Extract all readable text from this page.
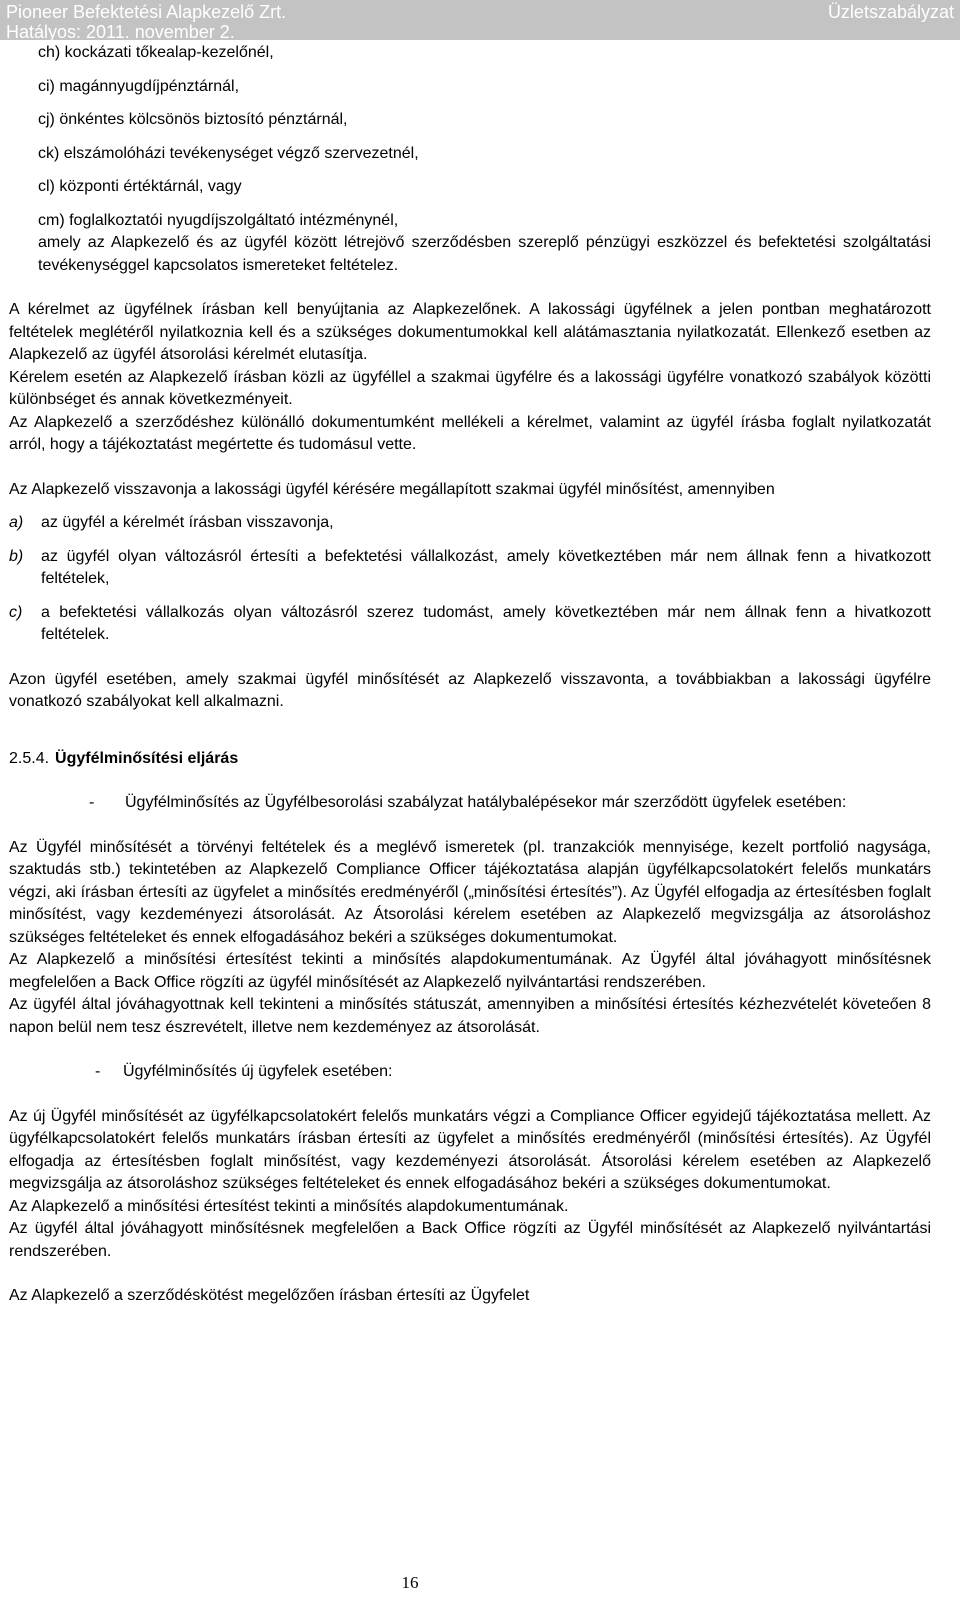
Pioneer Befektetési Alapkezelő Zrt.
Hatályos: 2011. november 2.
Üzletszabályzat
ch) kockázati tőkealap-kezelőnél,
ci) magánnyugdíjpénztárnál,
cj) önkéntes kölcsönös biztosító pénztárnál,
ck) elszámolóházi tevékenységet végző szervezetnél,
cl) központi értéktárnál, vagy
cm) foglalkoztatói nyugdíjszolgáltató intézménynél,
amely az Alapkezelő és az ügyfél között létrejövő szerződésben szereplő pénzügyi eszközzel és befektetési szolgáltatási tevékenységgel kapcsolatos ismereteket feltételez.
A kérelmet az ügyfélnek írásban kell benyújtania az Alapkezelőnek. A lakossági ügyfélnek a jelen pontban meghatározott feltételek meglétéről nyilatkoznia kell és a szükséges dokumentumokkal kell alátámasztania nyilatkozatát. Ellenkező esetben az Alapkezelő az ügyfél átsorolási kérelmét elutasítja.
Kérelem esetén az Alapkezelő írásban közli az ügyféllel a szakmai ügyfélre és a lakossági ügyfélre vonatkozó szabályok közötti különbséget és annak következményeit.
Az Alapkezelő a szerződéshez különálló dokumentumként mellékeli a kérelmet, valamint az ügyfél írásba foglalt nyilatkozatát arról, hogy a tájékoztatást megértette és tudomásul vette.
Az Alapkezelő visszavonja a lakossági ügyfél kérésére megállapított szakmai ügyfél minősítést, amennyiben
a)	az ügyfél a kérelmét írásban visszavonja,
b)	az ügyfél olyan változásról értesíti a befektetési vállalkozást, amely következtében már nem állnak fenn a hivatkozott feltételek,
c)	a befektetési vállalkozás olyan változásról szerez tudomást, amely következtében már nem állnak fenn a hivatkozott feltételek.
Azon ügyfél esetében, amely szakmai ügyfél minősítését az Alapkezelő visszavonta, a továbbiakban a lakossági ügyfélre vonatkozó szabályokat kell alkalmazni.
2.5.4. Ügyfélminősítési eljárás
-	Ügyfélminősítés az Ügyfélbesorolási szabályzat hatálybalépésekor már szerződött ügyfelek esetében:
Az Ügyfél minősítését a törvényi feltételek és a meglévő ismeretek (pl. tranzakciók mennyisége, kezelt portfolió nagysága, szaktudás stb.) tekintetében az Alapkezelő Compliance Officer tájékoztatása alapján ügyfélkapcsolatokért felelős munkatárs végzi, aki írásban értesíti az ügyfelet a minősítés eredményéről („minősítési értesítés”). Az Ügyfél elfogadja az értesítésben foglalt minősítést, vagy kezdeményezi átsorolását. Az Átsorolási kérelem esetében az Alapkezelő megvizsgálja az átsoroláshoz szükséges feltételeket és ennek elfogadásához bekéri a szükséges dokumentumokat.
Az Alapkezelő a minősítési értesítést tekinti a minősítés alapdokumentumának. Az Ügyfél által jóváhagyott minősítésnek megfelelően a Back Office rögzíti az ügyfél minősítését az Alapkezelő nyilvántartási rendszerében.
Az ügyfél által jóváhagyottnak kell tekinteni a minősítés státuszát, amennyiben a minősítési értesítés kézhezvételét követeően 8 napon belül nem tesz észrevételt, illetve nem kezdeményez az átsorolását.
-	Ügyfélminősítés új ügyfelek esetében:
Az új Ügyfél minősítését az ügyfélkapcsolatokért felelős munkatárs végzi a Compliance Officer egyidejű tájékoztatása mellett. Az ügyfélkapcsolatokért felelős munkatárs írásban értesíti az ügyfelet a minősítés eredményéről (minősítési értesítés). Az Ügyfél elfogadja az értesítésben foglalt minősítést, vagy kezdeményezi átsorolását. Átsorolási kérelem esetében az Alapkezelő megvizsgálja az átsoroláshoz szükséges feltételeket és ennek elfogadásához bekéri a szükséges dokumentumokat.
Az Alapkezelő a minősítési értesítést tekinti a minősítés alapdokumentumának.
Az ügyfél által jóváhagyott minősítésnek megfelelően a Back Office rögzíti az Ügyfél minősítését az Alapkezelő nyilvántartási rendszerében.
Az Alapkezelő a szerződéskötést megelőzően írásban értesíti az Ügyfelet
16
